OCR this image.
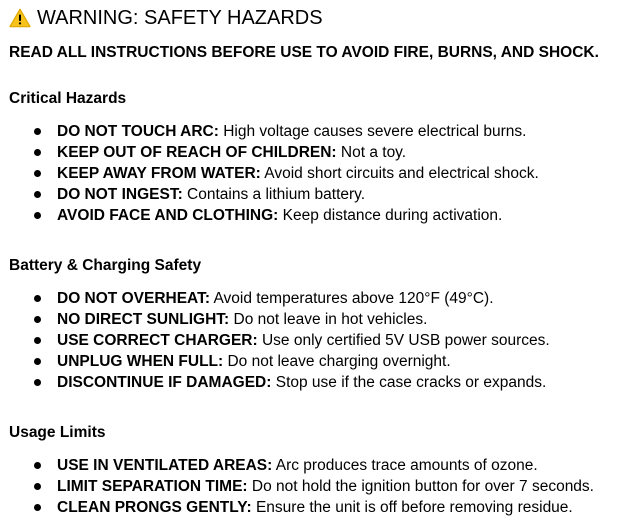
WARNING: SAFETY HAZARDS
READ ALL INSTRUCTIONS BEFORE USE TO AVOID FIRE, BURNS, AND SHOCK.
Critical Hazards
DO NOT TOUCH ARC: High voltage causes severe electrical burns.
KEEP OUT OF REACH OF CHILDREN: Not a toy.
KEEP AWAY FROM WATER: Avoid short circuits and electrical shock.
DO NOT INGEST: Contains a lithium battery.
AVOID FACE AND CLOTHING: Keep distance during activation.
Battery & Charging Safety
DO NOT OVERHEAT: Avoid temperatures above 120°F (49°C).
NO DIRECT SUNLIGHT: Do not leave in hot vehicles.
USE CORRECT CHARGER: Use only certified 5V USB power sources.
UNPLUG WHEN FULL: Do not leave charging overnight.
DISCONTINUE IF DAMAGED: Stop use if the case cracks or expands.
Usage Limits
USE IN VENTILATED AREAS: Arc produces trace amounts of ozone.
LIMIT SEPARATION TIME: Do not hold the ignition button for over 7 seconds.
CLEAN PRONGS GENTLY: Ensure the unit is off before removing residue.
